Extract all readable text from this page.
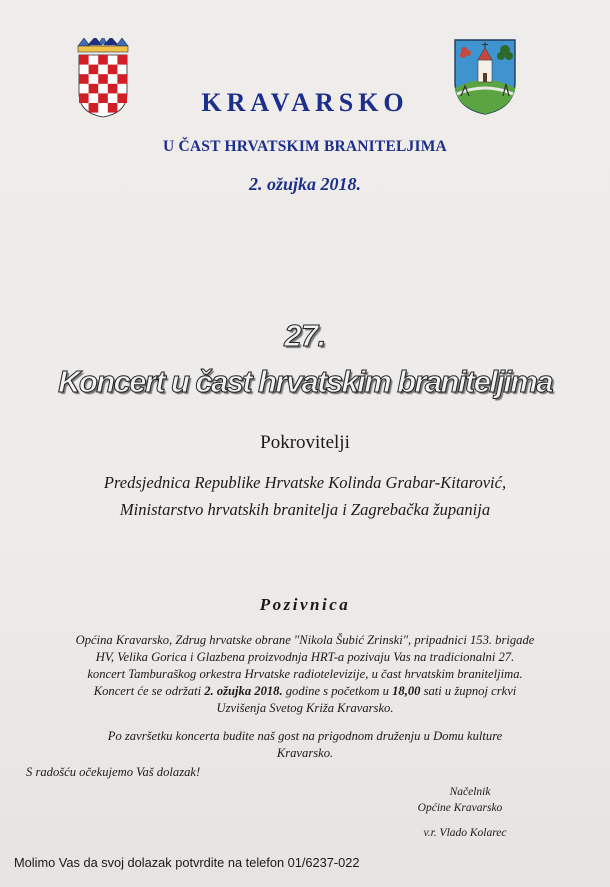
KRAVARSKO
U ČAST HRVATSKIM BRANITELJIMA
2. ožujka 2018.
27.
Koncert u čast hrvatskim braniteljima
Pokrovitelji
Predsjednica Republike Hrvatske Kolinda Grabar-Kitarović,
Ministarstvo hrvatskih branitelja i Zagrebačka županija
Pozivnica
Općina Kravarsko, Zdrug hrvatske obrane "Nikola Šubić Zrinski", pripadnici 153. brigade
HV, Velika Gorica i Glazbena proizvodnja HRT-a pozivaju Vas na tradicionalni 27.
koncert Tamburaškog orkestra Hrvatske radiotelevizije, u čast hrvatskim braniteljima.
Koncert će se održati 2. ožujka 2018. godine s početkom u 18,00 sati u župnoj crkvi
Uzvišenja Svetog Križa Kravarsko.
Po završetku koncerta budite naš gost na prigodnom druženju u Domu kulture
Kravarsko.
S radošću očekujemo Vaš dolazak!
Načelnik
Općine Kravarsko
v.r. Vlado Kolarec
Molimo Vas da svoj dolazak potvrdite na telefon 01/6237-022
